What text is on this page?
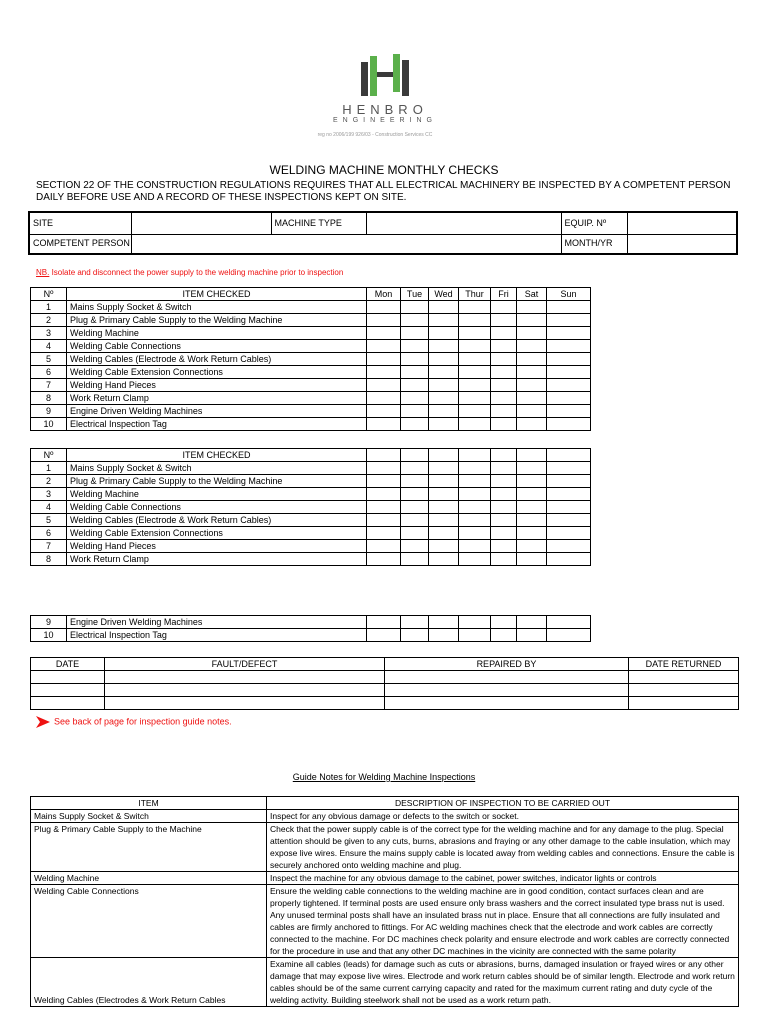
HENBRO
ENGINEERING
reg no 2006/199 926/03 - Construction Services CC
WELDING MACHINE MONTHLY CHECKS
SECTION 22 OF THE CONSTRUCTION REGULATIONS REQUIRES THAT ALL ELECTRICAL MACHINERY BE INSPECTED BY A COMPETENT PERSON DAILY BEFORE USE AND A RECORD OF THESE INSPECTIONS KEPT ON SITE.
SITE		MACHINE TYPE		EQUIP. Nº	
COMPETENT PERSON				MONTH/YR	
NB. Isolate and disconnect the power supply to the welding machine prior to inspection
Nº	ITEM CHECKED	Mon	Tue	Wed	Thur	Fri	Sat	Sun
1	Mains Supply Socket & Switch							
2	Plug & Primary Cable Supply to the Welding Machine							
3	Welding Machine							
4	Welding Cable Connections							
5	Welding Cables (Electrode & Work Return Cables)							
6	Welding Cable Extension Connections							
7	Welding Hand Pieces							
8	Work Return Clamp							
9	Engine Driven Welding Machines							
10	Electrical Inspection Tag							
Nº	ITEM CHECKED							
1	Mains Supply Socket & Switch							
2	Plug & Primary Cable Supply to the Welding Machine							
3	Welding Machine							
4	Welding Cable Connections							
5	Welding Cables (Electrode & Work Return Cables)							
6	Welding Cable Extension Connections							
7	Welding Hand Pieces							
8	Work Return Clamp							
9	Engine Driven Welding Machines							
10	Electrical Inspection Tag							
DATE	FAULT/DEFECT	REPAIRED BY	DATE RETURNED

See back of page for inspection guide notes.
Guide Notes for Welding Machine Inspections
ITEM	DESCRIPTION OF INSPECTION TO BE CARRIED OUT
Mains Supply Socket & Switch	Inspect for any obvious damage or defects to the switch or socket.
Plug & Primary Cable Supply to the Machine	Check that the power supply cable is of the correct type for the welding machine and for any damage to the plug. Special attention should be given to any cuts, burns, abrasions and fraying or any other damage to the cable insulation, which may expose live wires. Ensure the mains supply cable is located away from welding cables and connections. Ensure the cable is securely anchored onto welding machine and plug.
Welding Machine	Inspect the machine for any obvious damage to the cabinet, power switches, indicator lights or controls
Welding Cable Connections	Ensure the welding cable connections to the welding machine are in good condition, contact surfaces clean and are properly tightened. If terminal posts are used ensure only brass washers and the correct insulated type brass nut is used. Any unused terminal posts shall have an insulated brass nut in place. Ensure that all connections are fully insulated and cables are firmly anchored to fittings. For AC welding machines check that the electrode and work cables are correctly connected to the machine. For DC machines check polarity and ensure electrode and work cables are correctly connected for the procedure in use and that any other DC machines in the vicinity are connected with the same polarity
Welding Cables (Electrodes & Work Return Cables	Examine all cables (leads) for damage such as cuts or abrasions, burns, damaged insulation or frayed wires or any other damage that may expose live wires. Electrode and work return cables should be of similar length. Electrode and work return cables should be of the same current carrying capacity and rated for the maximum current rating and duty cycle of the welding activity. Building steelwork shall not be used as a work return path.
